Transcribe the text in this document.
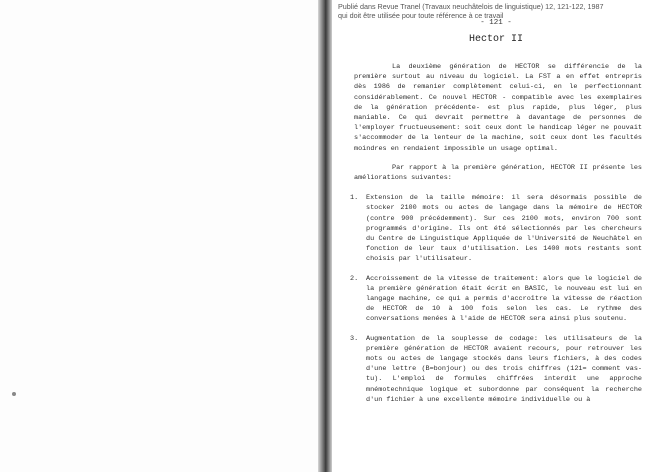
- 121 -
Hector II
Publié dans Revue Tranel (Travaux neuchâtelois de linguistique) 12, 121-122, 1987
qui doit être utilisée pour toute référence à ce travail

La deuxième génération de HECTOR se différencie de la première surtout au niveau du logiciel. La FST a en effet entrepris dès 1986 de remanier complètement celui-ci, en le perfectionnant considérablement. Ce nouvel HECTOR - compatible avec les exemplaires de la génération précédente- est plus rapide, plus léger, plus maniable. Ce qui devrait permettre à davantage de personnes de l'employer fructueusement: soit ceux dont le handicap léger ne pouvait s'accommoder de la lenteur de la machine, soit ceux dont les facultés moindres en rendaient impossible un usage optimal.

Par rapport à la première génération, HECTOR II présente les améliorations suivantes:

1. Extension de la taille mémoire: il sera désormais possible de stocker 2100 mots ou actes de langage dans la mémoire de HECTOR (contre 900 précédemment). Sur ces 2100 mots, environ 700 sont programmés d'origine. Ils ont été sélectionnés par les chercheurs du Centre de Linguistique Appliquée de l'Université de Neuchâtel en fonction de leur taux d'utilisation. Les 1400 mots restants sont choisis par l'utilisateur.
2. Accroissement de la vitesse de traitement: alors que le logiciel de la première génération était écrit en BASIC, le nouveau est lui en langage machine, ce qui a permis d'accroître la vitesse de réaction de HECTOR de 10 à 100 fois selon les cas. Le rythme des conversations menées à l'aide de HECTOR sera ainsi plus soutenu.
3. Augmentation de la souplesse de codage: les utilisateurs de la première génération de HECTOR avaient recours, pour retrouver les mots ou actes de langage stockés dans leurs fichiers, à des codes d'une lettre (B=bonjour) ou des trois chiffres (121= comment vas-tu). L'emploi de formules chiffrées interdit une approche mnémotechnique logique et subordonne par conséquent la recherche d'un fichier à une excellente mémoire individuelle ou à
